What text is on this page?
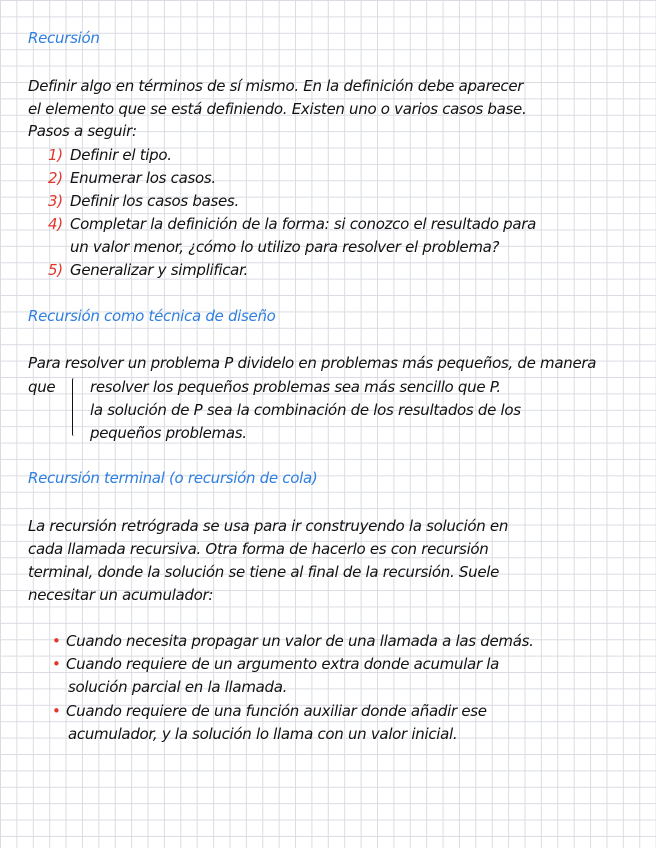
Recursión
Definir algo en términos de sí mismo. En la definición debe aparecer
el elemento que se está definiendo. Existen uno o varios casos base.
Pasos a seguir:
1) Definir el tipo.
2) Enumerar los casos.
3) Definir los casos bases.
4) Completar la definición de la forma: si conozco el resultado para
un valor menor, ¿cómo lo utilizo para resolver el problema?
5) Generalizar y simplificar.
Recursión como técnica de diseño
Para resolver un problema P dividelo en problemas más pequeños, de manera
que	resolver los pequeños problemas sea más sencillo que P.
la solución de P sea la combinación de los resultados de los
pequeños problemas.
Recursión terminal (o recursión de cola)
La recursión retrógrada se usa para ir construyendo la solución en
cada llamada recursiva. Otra forma de hacerlo es con recursión
terminal, donde la solución se tiene al final de la recursión. Suele
necesitar un acumulador:
• Cuando necesita propagar un valor de una llamada a las demás.
• Cuando requiere de un argumento extra donde acumular la
solución parcial en la llamada.
• Cuando requiere de una función auxiliar donde añadir ese
acumulador, y la solución lo llama con un valor inicial.
